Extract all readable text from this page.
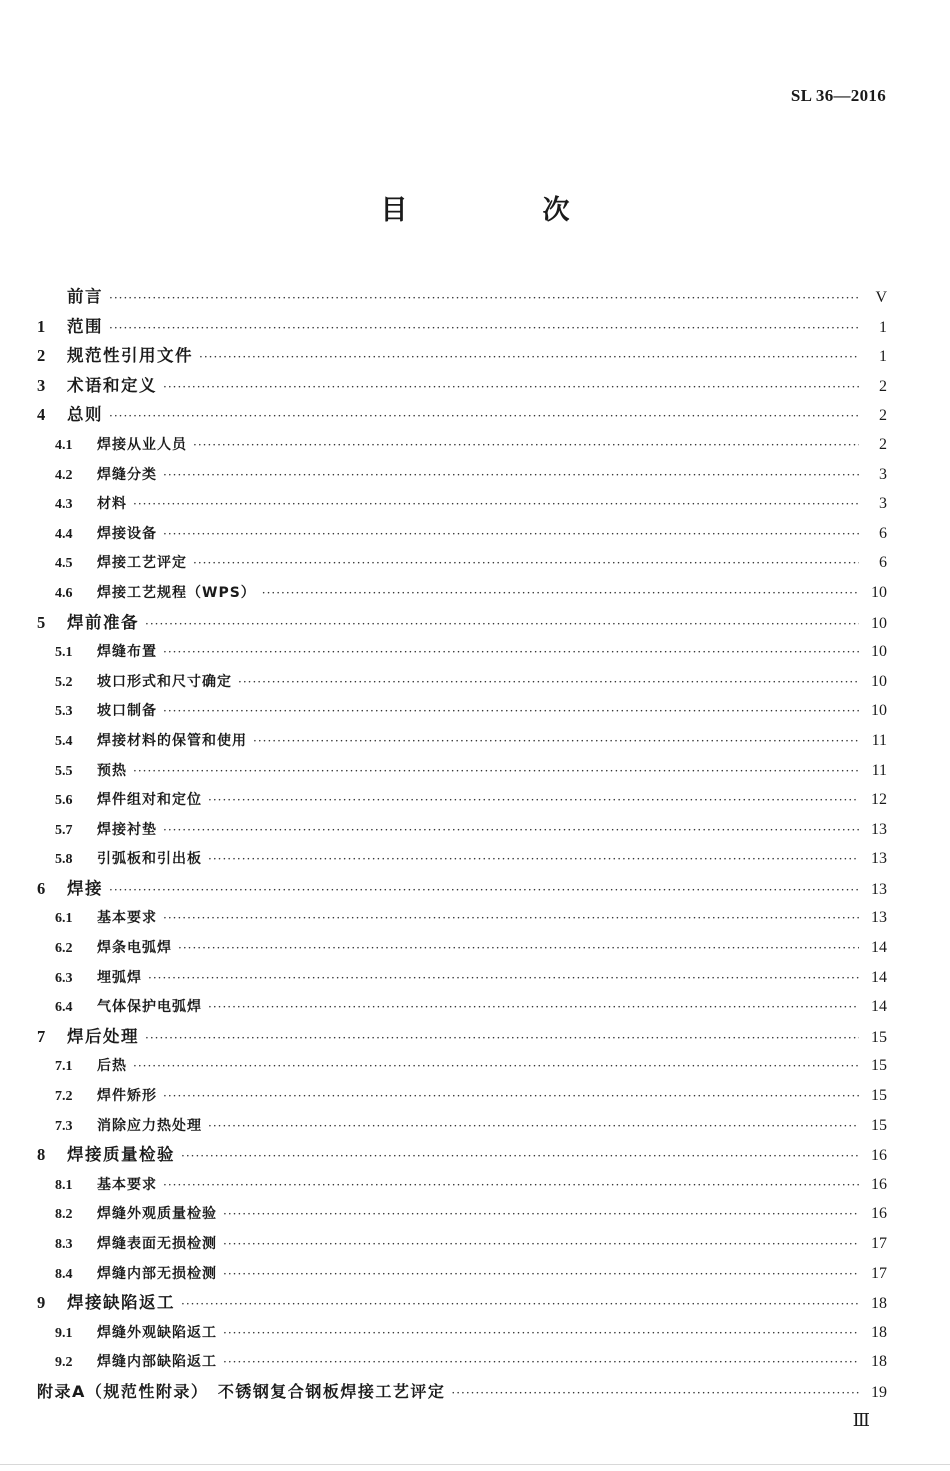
SL 36—2016
目　次
前言 ·····	V
1	范围 ·····	1
2	规范性引用文件 ·····	1
3	术语和定义 ·····	2
4	总则 ·····	2
4.1	焊接从业人员 ·····	2
4.2	焊缝分类 ·····	3
4.3	材料 ·····	3
4.4	焊接设备 ·····	6
4.5	焊接工艺评定 ·····	6
4.6	焊接工艺规程（WPS） ·····	10
5	焊前准备 ·····	10
5.1	焊缝布置 ·····	10
5.2	坡口形式和尺寸确定 ·····	10
5.3	坡口制备 ·····	10
5.4	焊接材料的保管和使用 ·····	11
5.5	预热 ·····	11
5.6	焊件组对和定位 ·····	12
5.7	焊接衬垫 ·····	13
5.8	引弧板和引出板 ·····	13
6	焊接 ·····	13
6.1	基本要求 ·····	13
6.2	焊条电弧焊 ·····	14
6.3	埋弧焊 ·····	14
6.4	气体保护电弧焊 ·····	14
7	焊后处理 ·····	15
7.1	后热 ·····	15
7.2	焊件矫形 ·····	15
7.3	消除应力热处理 ·····	15
8	焊接质量检验 ·····	16
8.1	基本要求 ·····	16
8.2	焊缝外观质量检验 ·····	16
8.3	焊缝表面无损检测 ·····	17
8.4	焊缝内部无损检测 ·····	17
9	焊接缺陷返工 ·····	18
9.1	焊缝外观缺陷返工 ·····	18
9.2	焊缝内部缺陷返工 ·····	18
附录A（规范性附录）　不锈钢复合钢板焊接工艺评定 ·····	19
Ⅲ
